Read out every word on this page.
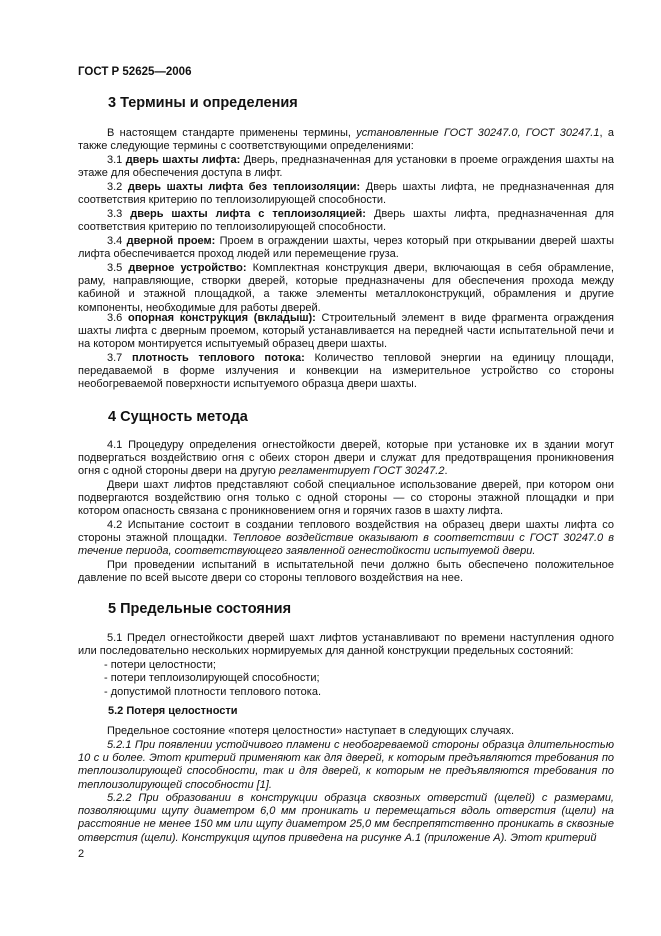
ГОСТ Р 52625—2006
3 Термины и определения
В настоящем стандарте применены термины, установленные ГОСТ 30247.0, ГОСТ 30247.1, а также следующие термины с соответствующими определениями:
3.1 дверь шахты лифта: Дверь, предназначенная для установки в проеме ограждения шахты на этаже для обеспечения доступа в лифт.
3.2 дверь шахты лифта без теплоизоляции: Дверь шахты лифта, не предназначенная для соответствия критерию по теплоизолирующей способности.
3.3 дверь шахты лифта с теплоизоляцией: Дверь шахты лифта, предназначенная для соответствия критерию по теплоизолирующей способности.
3.4 дверной проем: Проем в ограждении шахты, через который при открывании дверей шахты лифта обеспечивается проход людей или перемещение груза.
3.5 дверное устройство: Комплектная конструкция двери, включающая в себя обрамление, раму, направляющие, створки дверей, которые предназначены для обеспечения прохода между кабиной и этажной площадкой, а также элементы металлоконструкций, обрамления и другие компоненты, необходимые для работы дверей.
3.6 опорная конструкция (вкладыш): Строительный элемент в виде фрагмента ограждения шахты лифта с дверным проемом, который устанавливается на передней части испытательной печи и на котором монтируется испытуемый образец двери шахты.
3.7 плотность теплового потока: Количество тепловой энергии на единицу площади, передаваемой в форме излучения и конвекции на измерительное устройство со стороны необогреваемой поверхности испытуемого образца двери шахты.
4 Сущность метода
4.1 Процедуру определения огнестойкости дверей, которые при установке их в здании могут подвергаться воздействию огня с обеих сторон двери и служат для предотвращения проникновения огня с одной стороны двери на другую регламентирует ГОСТ 30247.2.
Двери шахт лифтов представляют собой специальное использование дверей, при котором они подвергаются воздействию огня только с одной стороны — со стороны этажной площадки и при котором опасность связана с проникновением огня и горячих газов в шахту лифта.
4.2 Испытание состоит в создании теплового воздействия на образец двери шахты лифта со стороны этажной площадки. Тепловое воздействие оказывают в соответствии с ГОСТ 30247.0 в течение периода, соответствующего заявленной огнестойкости испытуемой двери.
При проведении испытаний в испытательной печи должно быть обеспечено положительное давление по всей высоте двери со стороны теплового воздействия на нее.
5 Предельные состояния
5.1 Предел огнестойкости дверей шахт лифтов устанавливают по времени наступления одного или последовательно нескольких нормируемых для данной конструкции предельных состояний:
- потери целостности;
- потери теплоизолирующей способности;
- допустимой плотности теплового потока.
5.2 Потеря целостности
Предельное состояние «потеря целостности» наступает в следующих случаях.
5.2.1 При появлении устойчивого пламени с необогреваемой стороны образца длительностью 10 с и более. Этот критерий применяют как для дверей, к которым предъявляются требования по теплоизолирующей способности, так и для дверей, к которым не предъявляются требования по теплоизолирующей способности [1].
5.2.2 При образовании в конструкции образца сквозных отверстий (щелей) с размерами, позволяющими щупу диаметром 6,0 мм проникать и перемещаться вдоль отверстия (щели) на расстояние не менее 150 мм или щупу диаметром 25,0 мм беспрепятственно проникать в сквозные отверстия (щели). Конструкция щупов приведена на рисунке А.1 (приложение А). Этот критерий
2
